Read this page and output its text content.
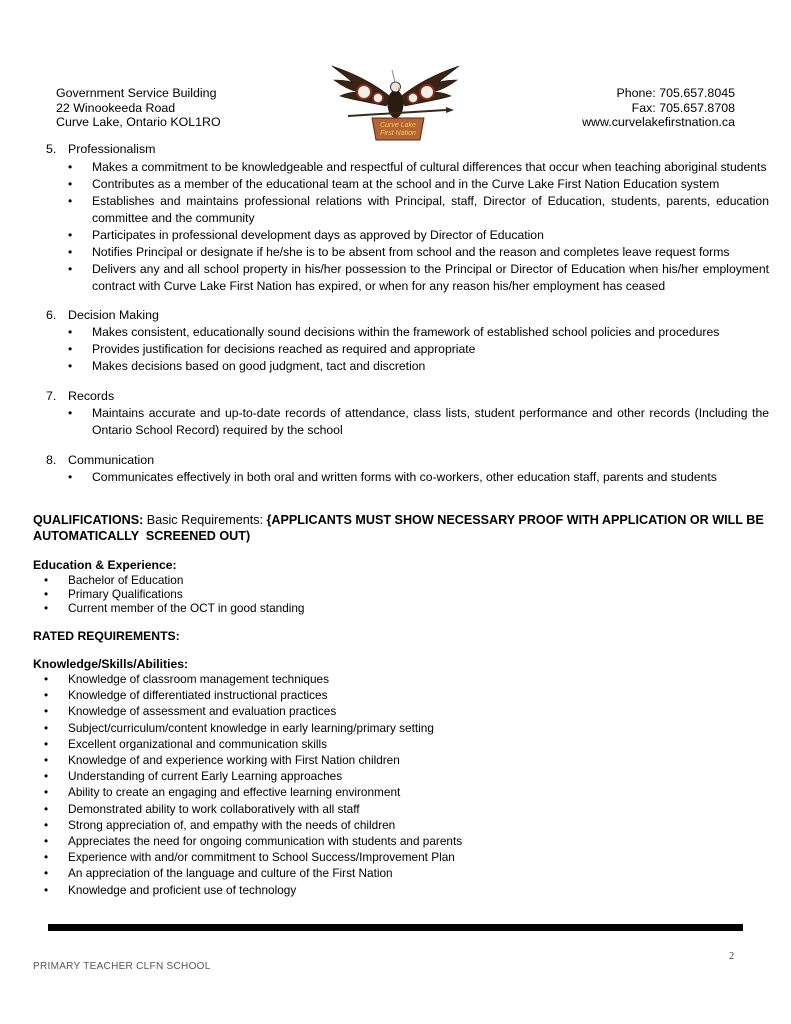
Government Service Building
22 Winookeeda Road
Curve Lake, Ontario KOL1RO	Curve Lake
First Nation
Phone: 705.657.8045
Fax: 705.657.8708
www.curvelakefirstnation.ca
5. Professionalism
• Makes a commitment to be knowledgeable and respectful of cultural differences that occur when teaching aboriginal students
• Contributes as a member of the educational team at the school and in the Curve Lake First Nation Education system
• Establishes and maintains professional relations with Principal, staff, Director of Education, students, parents, education committee and the community
• Participates in professional development days as approved by Director of Education
• Notifies Principal or designate if he/she is to be absent from school and the reason and completes leave request forms
• Delivers any and all school property in his/her possession to the Principal or Director of Education when his/her employment contract with Curve Lake First Nation has expired, or when for any reason his/her employment has ceased
6. Decision Making
• Makes consistent, educationally sound decisions within the framework of established school policies and procedures
• Provides justification for decisions reached as required and appropriate
• Makes decisions based on good judgment, tact and discretion
7. Records
• Maintains accurate and up-to-date records of attendance, class lists, student performance and other records (Including the Ontario School Record) required by the school
8. Communication
• Communicates effectively in both oral and written forms with co-workers, other education staff, parents and students
QUALIFICATIONS: Basic Requirements: {APPLICANTS MUST SHOW NECESSARY PROOF WITH APPLICATION OR WILL BE AUTOMATICALLY  SCREENED OUT)
Education & Experience:
• Bachelor of Education
• Primary Qualifications
• Current member of the OCT in good standing
RATED REQUIREMENTS:
Knowledge/Skills/Abilities:
• Knowledge of classroom management techniques
• Knowledge of differentiated instructional practices
• Knowledge of assessment and evaluation practices
• Subject/curriculum/content knowledge in early learning/primary setting
• Excellent organizational and communication skills
• Knowledge of and experience working with First Nation children
• Understanding of current Early Learning approaches
• Ability to create an engaging and effective learning environment
• Demonstrated ability to work collaboratively with all staff
• Strong appreciation of, and empathy with the needs of children
• Appreciates the need for ongoing communication with students and parents
• Experience with and/or commitment to School Success/Improvement Plan
• An appreciation of the language and culture of the First Nation
• Knowledge and proficient use of technology
2
PRIMARY TEACHER CLFN SCHOOL
